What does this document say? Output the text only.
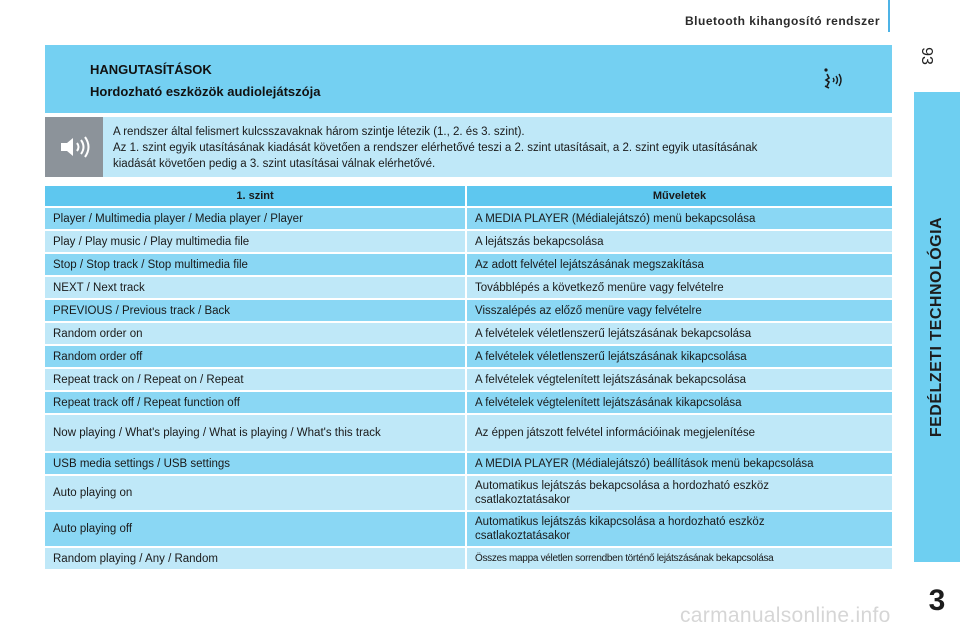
Bluetooth kihangosító rendszer
93
FEDÉLZETI TECHNOLÓGIA
3
HANGUTASÍTÁSOK
Hordozható eszközök audiolejátszója
A rendszer által felismert kulcsszavaknak három szintje létezik (1., 2. és 3. szint).
Az 1. szint egyik utasításának kiadását követően a rendszer elérhetővé teszi a 2. szint utasításait, a 2. szint egyik utasításának
kiadását követően pedig a 3. szint utasításai válnak elérhetővé.
1. szint	Műveletek
Player / Multimedia player / Media player / Player	A MEDIA PLAYER (Médialejátszó) menü bekapcsolása
Play / Play music / Play multimedia file	A lejátszás bekapcsolása
Stop / Stop track / Stop multimedia file	Az adott felvétel lejátszásának megszakítása
NEXT / Next track	Továbblépés a következő menüre vagy felvételre
PREVIOUS / Previous track / Back	Visszalépés az előző menüre vagy felvételre
Random order on	A felvételek véletlenszerű lejátszásának bekapcsolása
Random order off	A felvételek véletlenszerű lejátszásának kikapcsolása
Repeat track on / Repeat on / Repeat	A felvételek végtelenített lejátszásának bekapcsolása
Repeat track off / Repeat function off	A felvételek végtelenített lejátszásának kikapcsolása
Now playing / What's playing / What is playing / What's this track	Az éppen játszott felvétel információinak megjelenítése
USB media settings / USB settings	A MEDIA PLAYER (Médialejátszó) beállítások menü bekapcsolása
Auto playing on	Automatikus lejátszás bekapcsolása a hordozható eszköz
csatlakoztatásakor

Auto playing off	Automatikus lejátszás kikapcsolása a hordozható eszköz
csatlakoztatásakor

Random playing / Any / Random	Összes mappa véletlen sorrendben történő lejátszásának bekapcsolása
carmanualsonline.info
